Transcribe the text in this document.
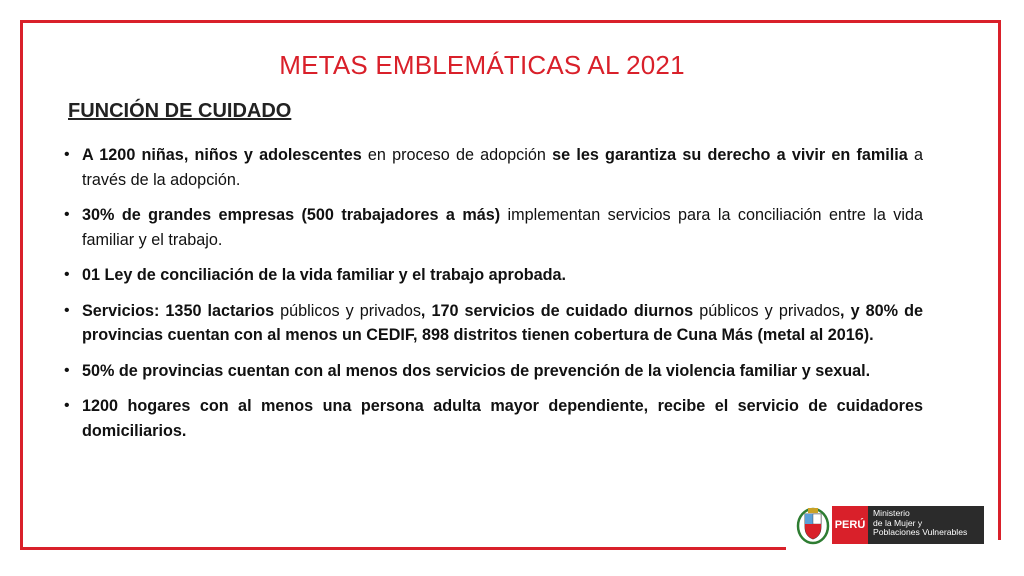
METAS EMBLEMÁTICAS AL 2021
FUNCIÓN DE CUIDADO
• A 1200 niñas, niños y adolescentes en proceso de adopción se les garantiza su derecho a vivir en familia a través de la adopción.
• 30% de grandes empresas (500 trabajadores a más) implementan servicios para la conciliación entre la vida familiar y el trabajo.
• 01 Ley de conciliación de la vida familiar y el trabajo aprobada.
• Servicios: 1350 lactarios públicos y privados, 170 servicios de cuidado diurnos públicos y privados, y 80% de provincias cuentan con al menos un CEDIF, 898 distritos tienen cobertura de Cuna Más (metal al 2016).
• 50% de provincias cuentan con al menos dos servicios de prevención de la violencia familiar y sexual.
• 1200 hogares con al menos una persona adulta mayor dependiente, recibe el servicio de cuidadores domiciliarios.
PERÚ
Ministerio
de la Mujer y
Poblaciones Vulnerables
